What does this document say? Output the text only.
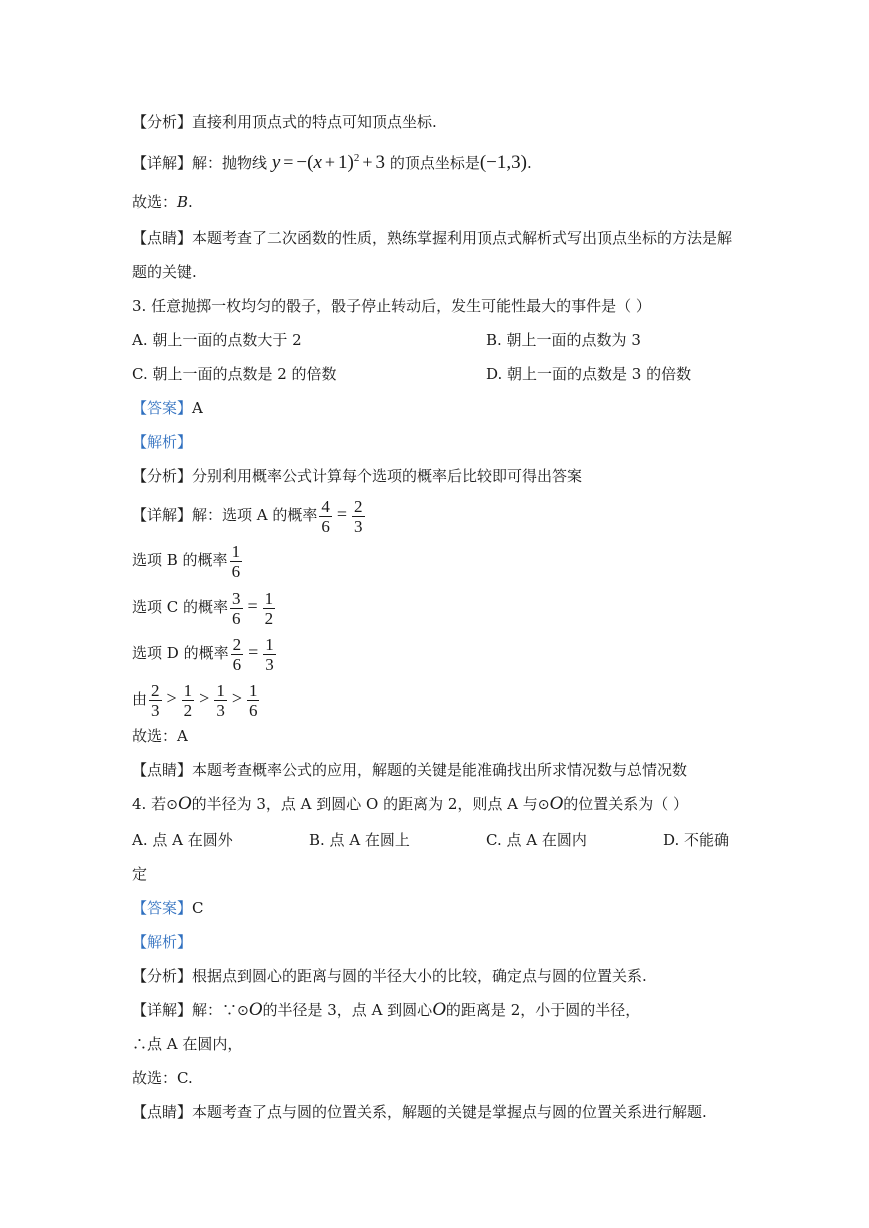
【分析】直接利用顶点式的特点可知顶点坐标.
【详解】解：抛物线 $y = -(x + 1)^2 + 3$ 的顶点坐标是(−1,3).
故选：B.
【点睛】本题考查了二次函数的性质，熟练掌握利用顶点式解析式写出顶点坐标的方法是解
题的关键.
3. 任意抛掷一枚均匀的骰子，骰子停止转动后，发生可能性最大的事件是（ ）
A. 朝上一面的点数大于 2	B. 朝上一面的点数为 3
C. 朝上一面的点数是 2 的倍数	D. 朝上一面的点数是 3 的倍数
【答案】A
【解析】
【分析】分别利用概率公式计算每个选项的概率后比较即可得出答案
【详解】解：选项 A 的概率 $\frac{4}{6} = \frac{2}{3}$
选项 B 的概率 $\frac{1}{6}$
选项 C 的概率 $\frac{3}{6} = \frac{1}{2}$
选项 D 的概率 $\frac{2}{6} = \frac{1}{3}$
由 $\frac{2}{3} > \frac{1}{2} > \frac{1}{3} > \frac{1}{6}$
故选：A
【点睛】本题考查概率公式的应用，解题的关键是能准确找出所求情况数与总情况数
4. 若⊙O的半径为 3，点 A 到圆心 O 的距离为 2，则点 A 与⊙O的位置关系为（ ）
A. 点 A 在圆外	B. 点 A 在圆上	C. 点 A 在圆内	D. 不能确
定
【答案】C
【解析】
【分析】根据点到圆心的距离与圆的半径大小的比较，确定点与圆的位置关系.
【详解】解：∵⊙O的半径是 3，点 A 到圆心O的距离是 2，小于圆的半径，
∴点 A 在圆内，
故选：C.
【点睛】本题考查了点与圆的位置关系，解题的关键是掌握点与圆的位置关系进行解题.
